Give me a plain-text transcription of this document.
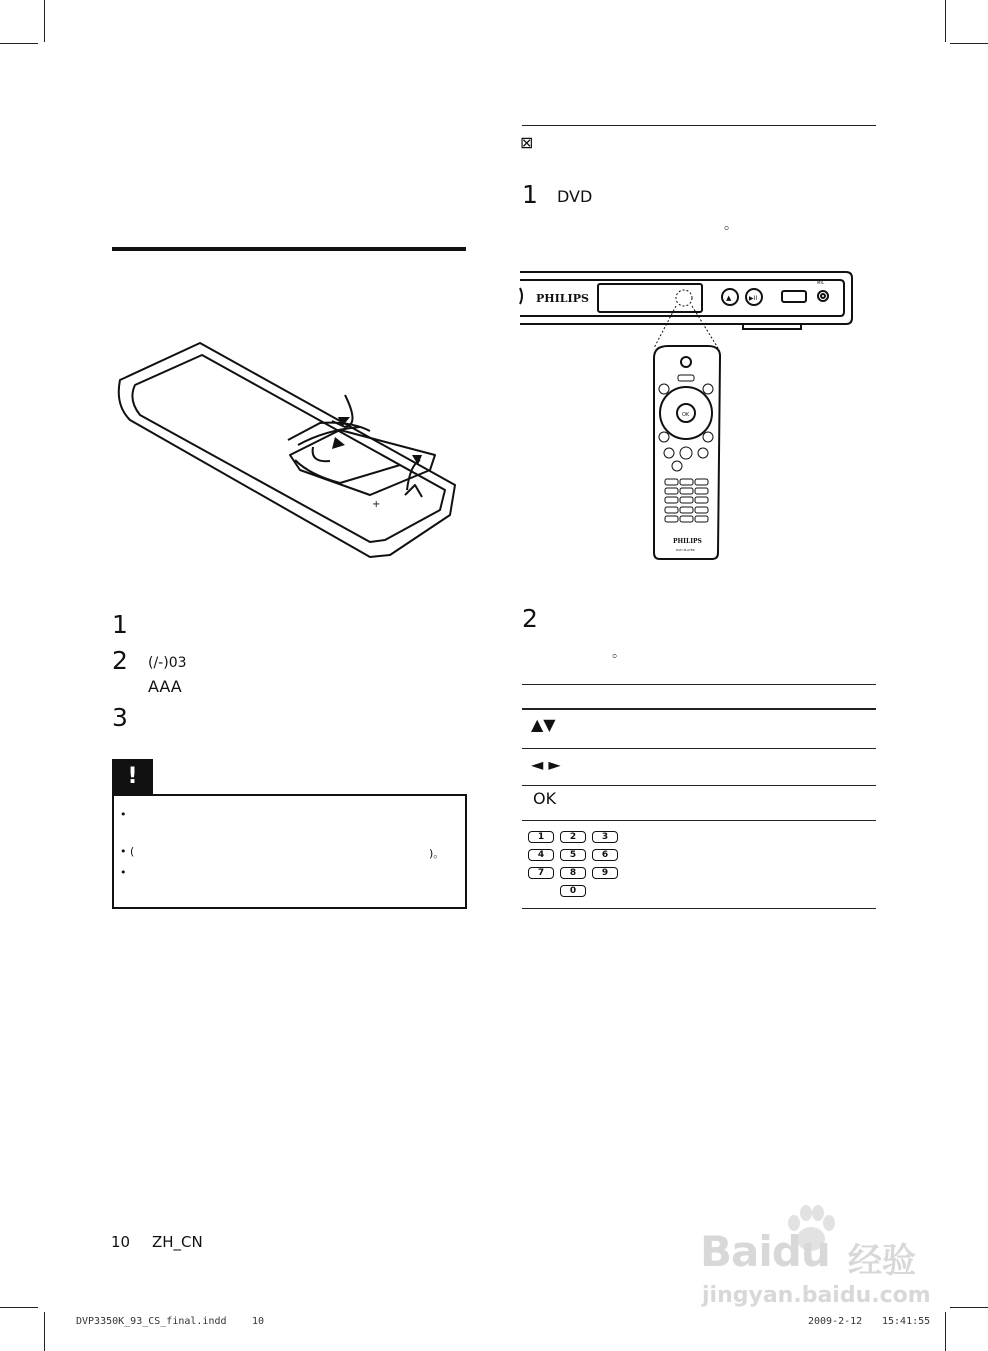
+
1
2 (/-)03
AAA
3
!
•
• (	)。
•
⊠
1 DVD
。
PHILIPS	▲	▶II
MIC
OK
PHILIPS
DVD PLAYER
2
。
▲▼
◄ ►
OK
1	2	3
4	5	6
7	8	9
0
10 ZH_CN
DVP3350K_93_CS_final.indd	10	2009-2-12 15:41:55
Baidu 经验
jingyan.baidu.com
